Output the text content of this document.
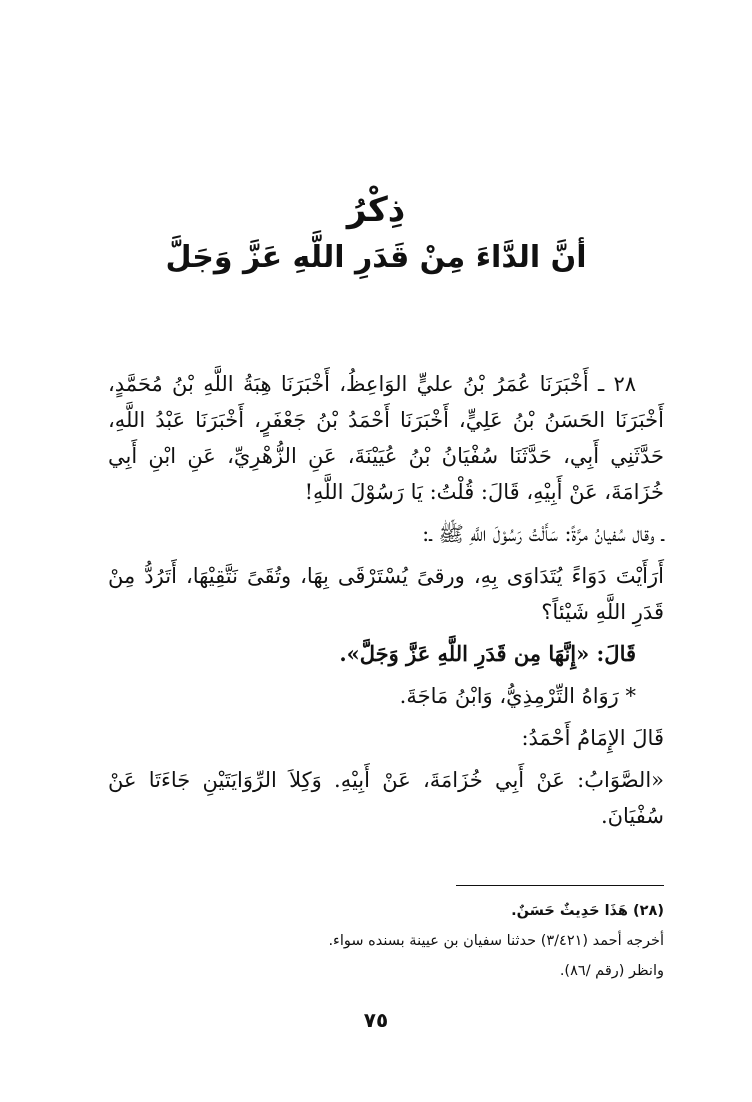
ذِكْرُ
أنَّ الدَّاءَ مِنْ قَدَرِ اللَّهِ عَزَّ وَجَلَّ

٢٨ ـ أَخْبَرَنَا عُمَرُ بْنُ عليٍّ الوَاعِظُ، أَخْبَرَنَا هِبَةُ اللَّهِ بْنُ مُحَمَّدٍ، أَخْبَرَنَا الحَسَنُ بْنُ عَلِيٍّ، أَخْبَرَنَا أَحْمَدُ بْنُ جَعْفَرٍ، أَخْبَرَنَا عَبْدُ اللَّهِ، حَدَّثَنِي أَبِي، حَدَّثَنَا سُفْيَانُ بْنُ عُيَيْنَةَ، عَنِ الزُّهْرِيِّ، عَنِ ابْنِ أَبِي خُزَامَةَ، عَنْ أَبِيْهِ، قَالَ: قُلْتُ: يَا رَسُوْلَ اللَّهِ!

ـ وقال سُفيانُ مرَّةً: سَأَلْتُ رَسُوْلَ اللَّهِ ﷺ ـ:

أَرَأَيْتَ دَوَاءً يُتَدَاوَى بِهِ، ورقىً يُسْتَرْقَى بِهَا، وتُقَىً نَتَّقِيْهَا، أَتَرُدُّ مِنْ قَدَرِ اللَّهِ شَيْئاً؟

قَالَ: «إِنَّهَا مِن قَدَرِ اللَّهِ عَزَّ وَجَلَّ».

* رَوَاهُ التِّرْمِذِيُّ، وَابْنُ مَاجَةَ.

قَالَ الإِمَامُ أَحْمَدُ:

«الصَّوَابُ: عَنْ أَبِي خُزَامَةَ، عَنْ أَبِيْهِ. وَكِلاَ الرِّوَايَتَيْنِ جَاءَتَا عَنْ سُفْيَانَ.

(٢٨) هَذَا حَدِيثٌ حَسَنٌ.
أخرجه أحمد (٣/٤٢١) حدثنا سفيان بن عيينة بسنده سواء.
وانظر (رقم /٨٦).
٧٥
